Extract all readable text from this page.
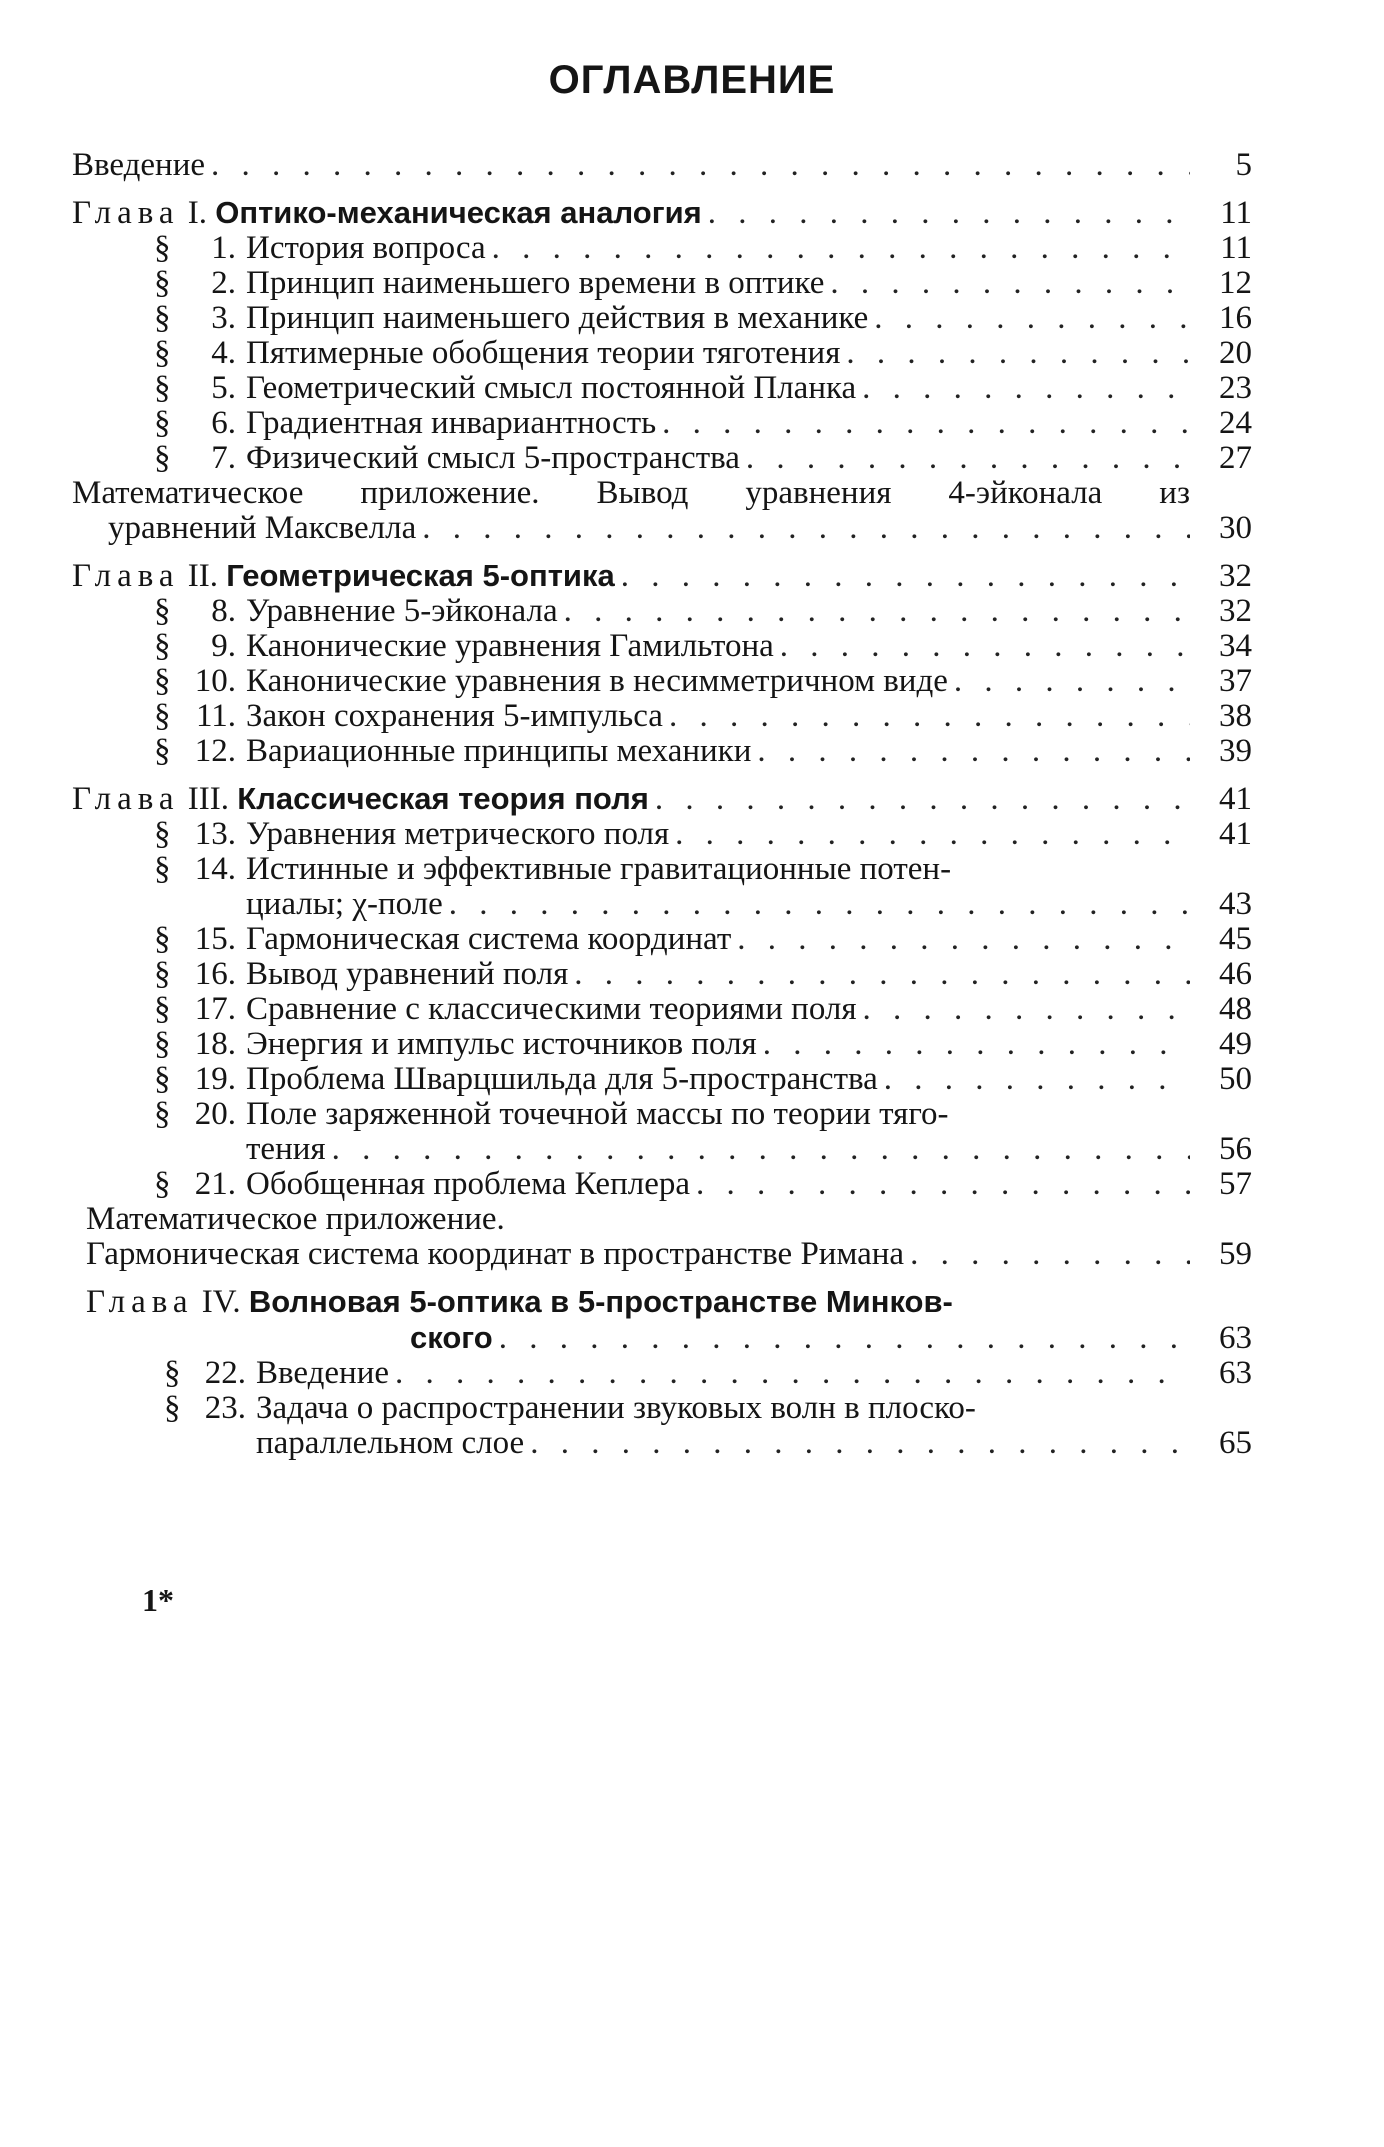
ОГЛАВЛЕНИЕ
Введение . . .	5
Глава I. Оптико-механическая аналогия . . .	11
§ 1. История вопроса . . .	11
§ 2. Принцип наименьшего времени в оптике . . .	12
§ 3. Принцип наименьшего действия в механике . . .	16
§ 4. Пятимерные обобщения теории тяготения . . .	20
§ 5. Геометрический смысл постоянной Планка . . .	23
§ 6. Градиентная инвариантность . . .	24
§ 7. Физический смысл 5-пространства . . .	27
Математическое приложение. Вывод уравнения 4-эйконала из
уравнений Максвелла . . .	30
Глава II. Геометрическая 5-оптика . . .	32
§ 8. Уравнение 5-эйконала . . .	32
§ 9. Канонические уравнения Гамильтона . . .	34
§ 10. Канонические уравнения в несимметричном виде . . .	37
§ 11. Закон сохранения 5-импульса . . .	38
§ 12. Вариационные принципы механики . . .	39
Глава III. Классическая теория поля . . .	41
§ 13. Уравнения метрического поля . . .	41
§ 14. Истинные и эффективные гравитационные потен-
циалы; χ-поле . . .	43
§ 15. Гармоническая система координат . . .	45
§ 16. Вывод уравнений поля . . .	46
§ 17. Сравнение с классическими теориями поля . . .	48
§ 18. Энергия и импульс источников поля . . .	49
§ 19. Проблема Шварцшильда для 5-пространства . . .	50
§ 20. Поле заряженной точечной массы по теории тяго-
тения . . .	56
§ 21. Обобщенная проблема Кеплера . . .	57
Математическое приложение.
Гармоническая система координат в пространстве Римана . . .	59
Глава IV. Волновая 5-оптика в 5-пространстве Минков-
ского . . .	63
§ 22. Введение . . .	63
§ 23. Задача о распространении звуковых волн в плоско-
параллельном слое . . .	65
1*
